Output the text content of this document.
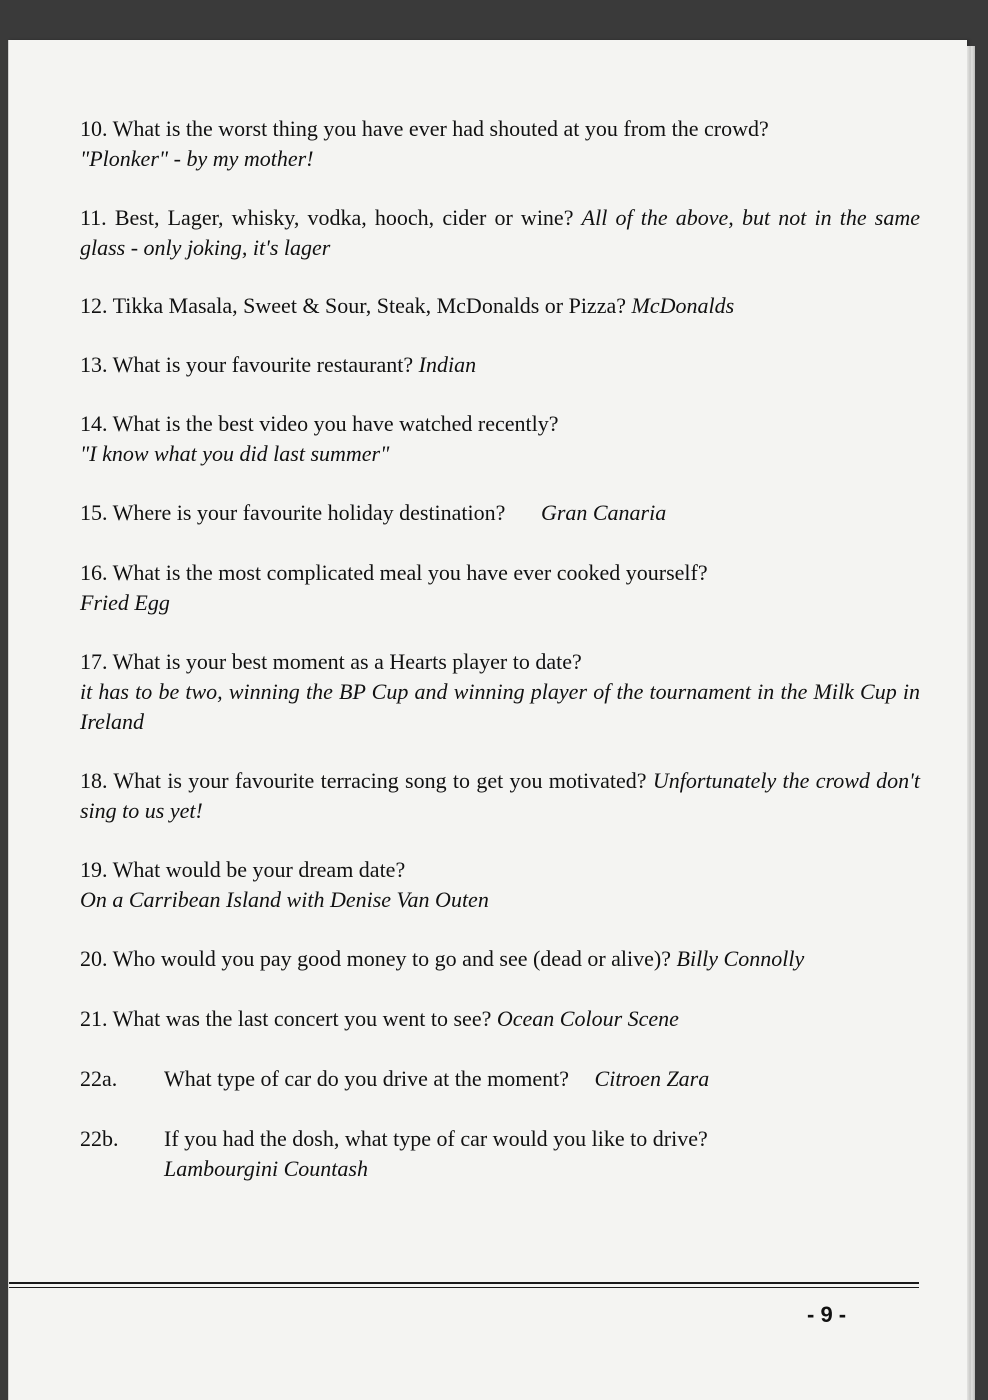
10. What is the worst thing you have ever had shouted at you from the crowd?
"Plonker" - by my mother!
11. Best, Lager, whisky, vodka, hooch, cider or wine? All of the above, but not in the same glass - only joking, it's lager
12. Tikka Masala, Sweet & Sour, Steak, McDonalds or Pizza? McDonalds
13. What is your favourite restaurant? Indian
14. What is the best video you have watched recently?
"I know what you did last summer"
15. Where is your favourite holiday destination? Gran Canaria
16. What is the most complicated meal you have ever cooked yourself?
Fried Egg
17. What is your best moment as a Hearts player to date?
it has to be two, winning the BP Cup and winning player of the tournament in the Milk Cup in Ireland
18. What is your favourite terracing song to get you motivated? Unfortunately the crowd don't sing to us yet!
19. What would be your dream date?
On a Carribean Island with Denise Van Outen
20. Who would you pay good money to go and see (dead or alive)? Billy Connolly
21. What was the last concert you went to see? Ocean Colour Scene
22a. What type of car do you drive at the moment? Citroen Zara
22b. If you had the dosh, what type of car would you like to drive?
Lambourgini Countash
- 9 -
